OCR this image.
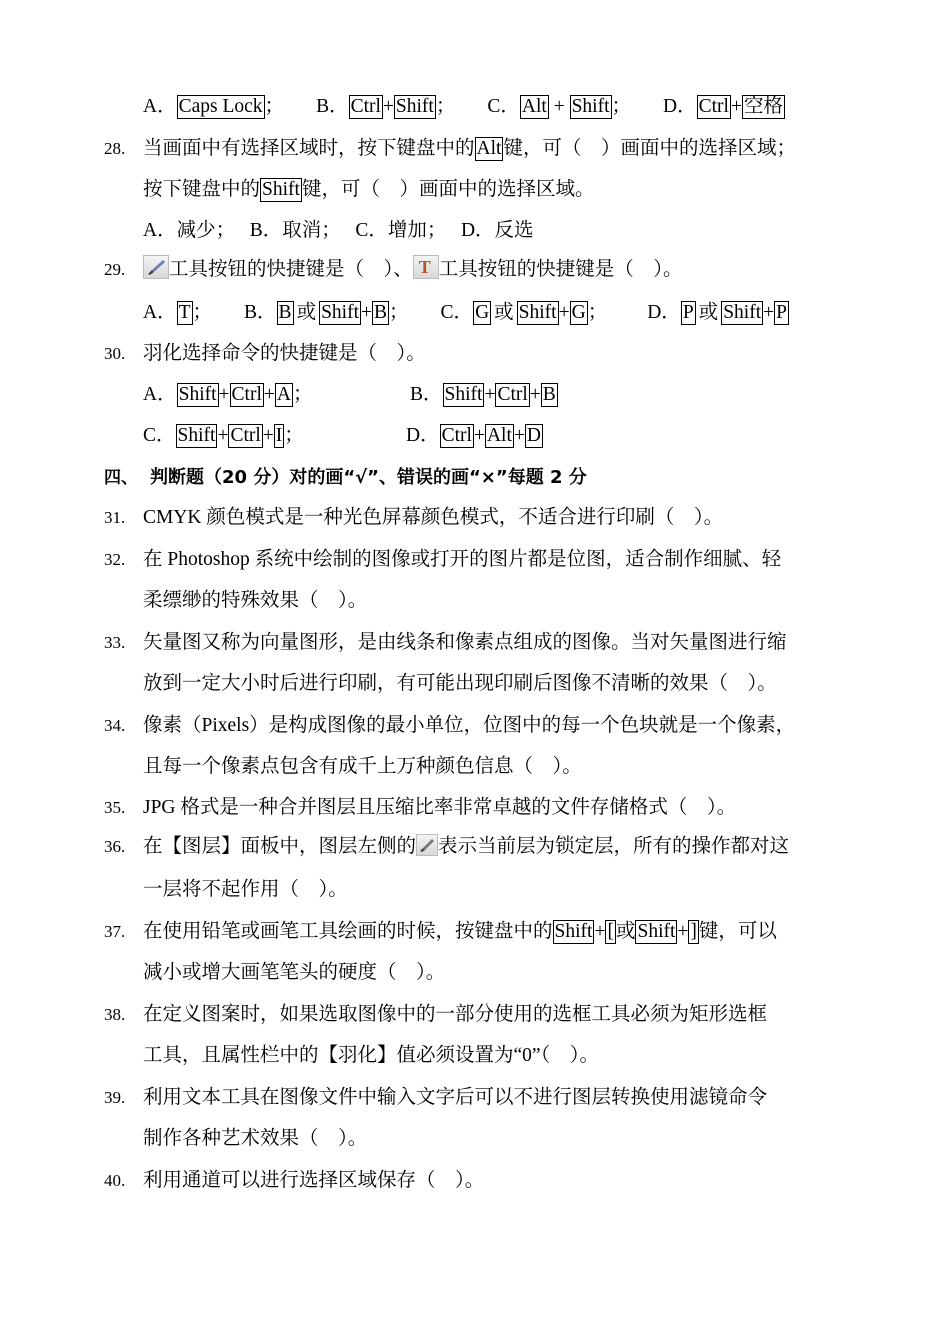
A． Caps Lock ； B． Ctrl + Shift ； C． Alt + Shift ； D． Ctrl + 空格
28. 当画面中有选择区域时，按下键盘中的 Alt 键，可（　）画面中的选择区域；
按下键盘中的 Shift 键，可（　）画面中的选择区域。
A．减少；　 B．取消；　 C．增加；　 D．反选
29.	工具按钮的快捷键是（　）、 T 工具按钮的快捷键是（　）。
A． T ； B． B 或 Shift + B ； C． G 或 Shift + G ； D． P 或 Shift + P
30. 羽化选择命令的快捷键是（　）。
A． Shift + Ctrl + A ；	B． Shift + Ctrl + B
C． Shift + Ctrl + I ；	D． Ctrl + Alt + D
四、 判断题（20 分）对的画“√”、错误的画“×”每题 2 分
31. CMYK 颜色模式是一种光色屏幕颜色模式，不适合进行印刷（　）。
32. 在 Photoshop 系统中绘制的图像或打开的图片都是位图，适合制作细腻、轻
柔缥缈的特殊效果（　）。
33. 矢量图又称为向量图形，是由线条和像素点组成的图像。当对矢量图进行缩
放到一定大小时后进行印刷，有可能出现印刷后图像不清晰的效果（　）。
34. 像素（Pixels）是构成图像的最小单位，位图中的每一个色块就是一个像素，
且每一个像素点包含有成千上万种颜色信息（　）。
35. JPG 格式是一种合并图层且压缩比率非常卓越的文件存储格式（　）。
36. 在【图层】面板中，图层左侧的 表示当前层为锁定层，所有的操作都对这
一层将不起作用（　）。
37. 在使用铅笔或画笔工具绘画的时候，按键盘中的 Shift + [ 或 Shift + ] 键，可以
减小或增大画笔笔头的硬度（　）。
38. 在定义图案时，如果选取图像中的一部分使用的选框工具必须为矩形选框
工具，且属性栏中的【羽化】值必须设置为“0”（　）。
39. 利用文本工具在图像文件中输入文字后可以不进行图层转换使用滤镜命令
制作各种艺术效果（　）。
40. 利用通道可以进行选择区域保存（　）。
